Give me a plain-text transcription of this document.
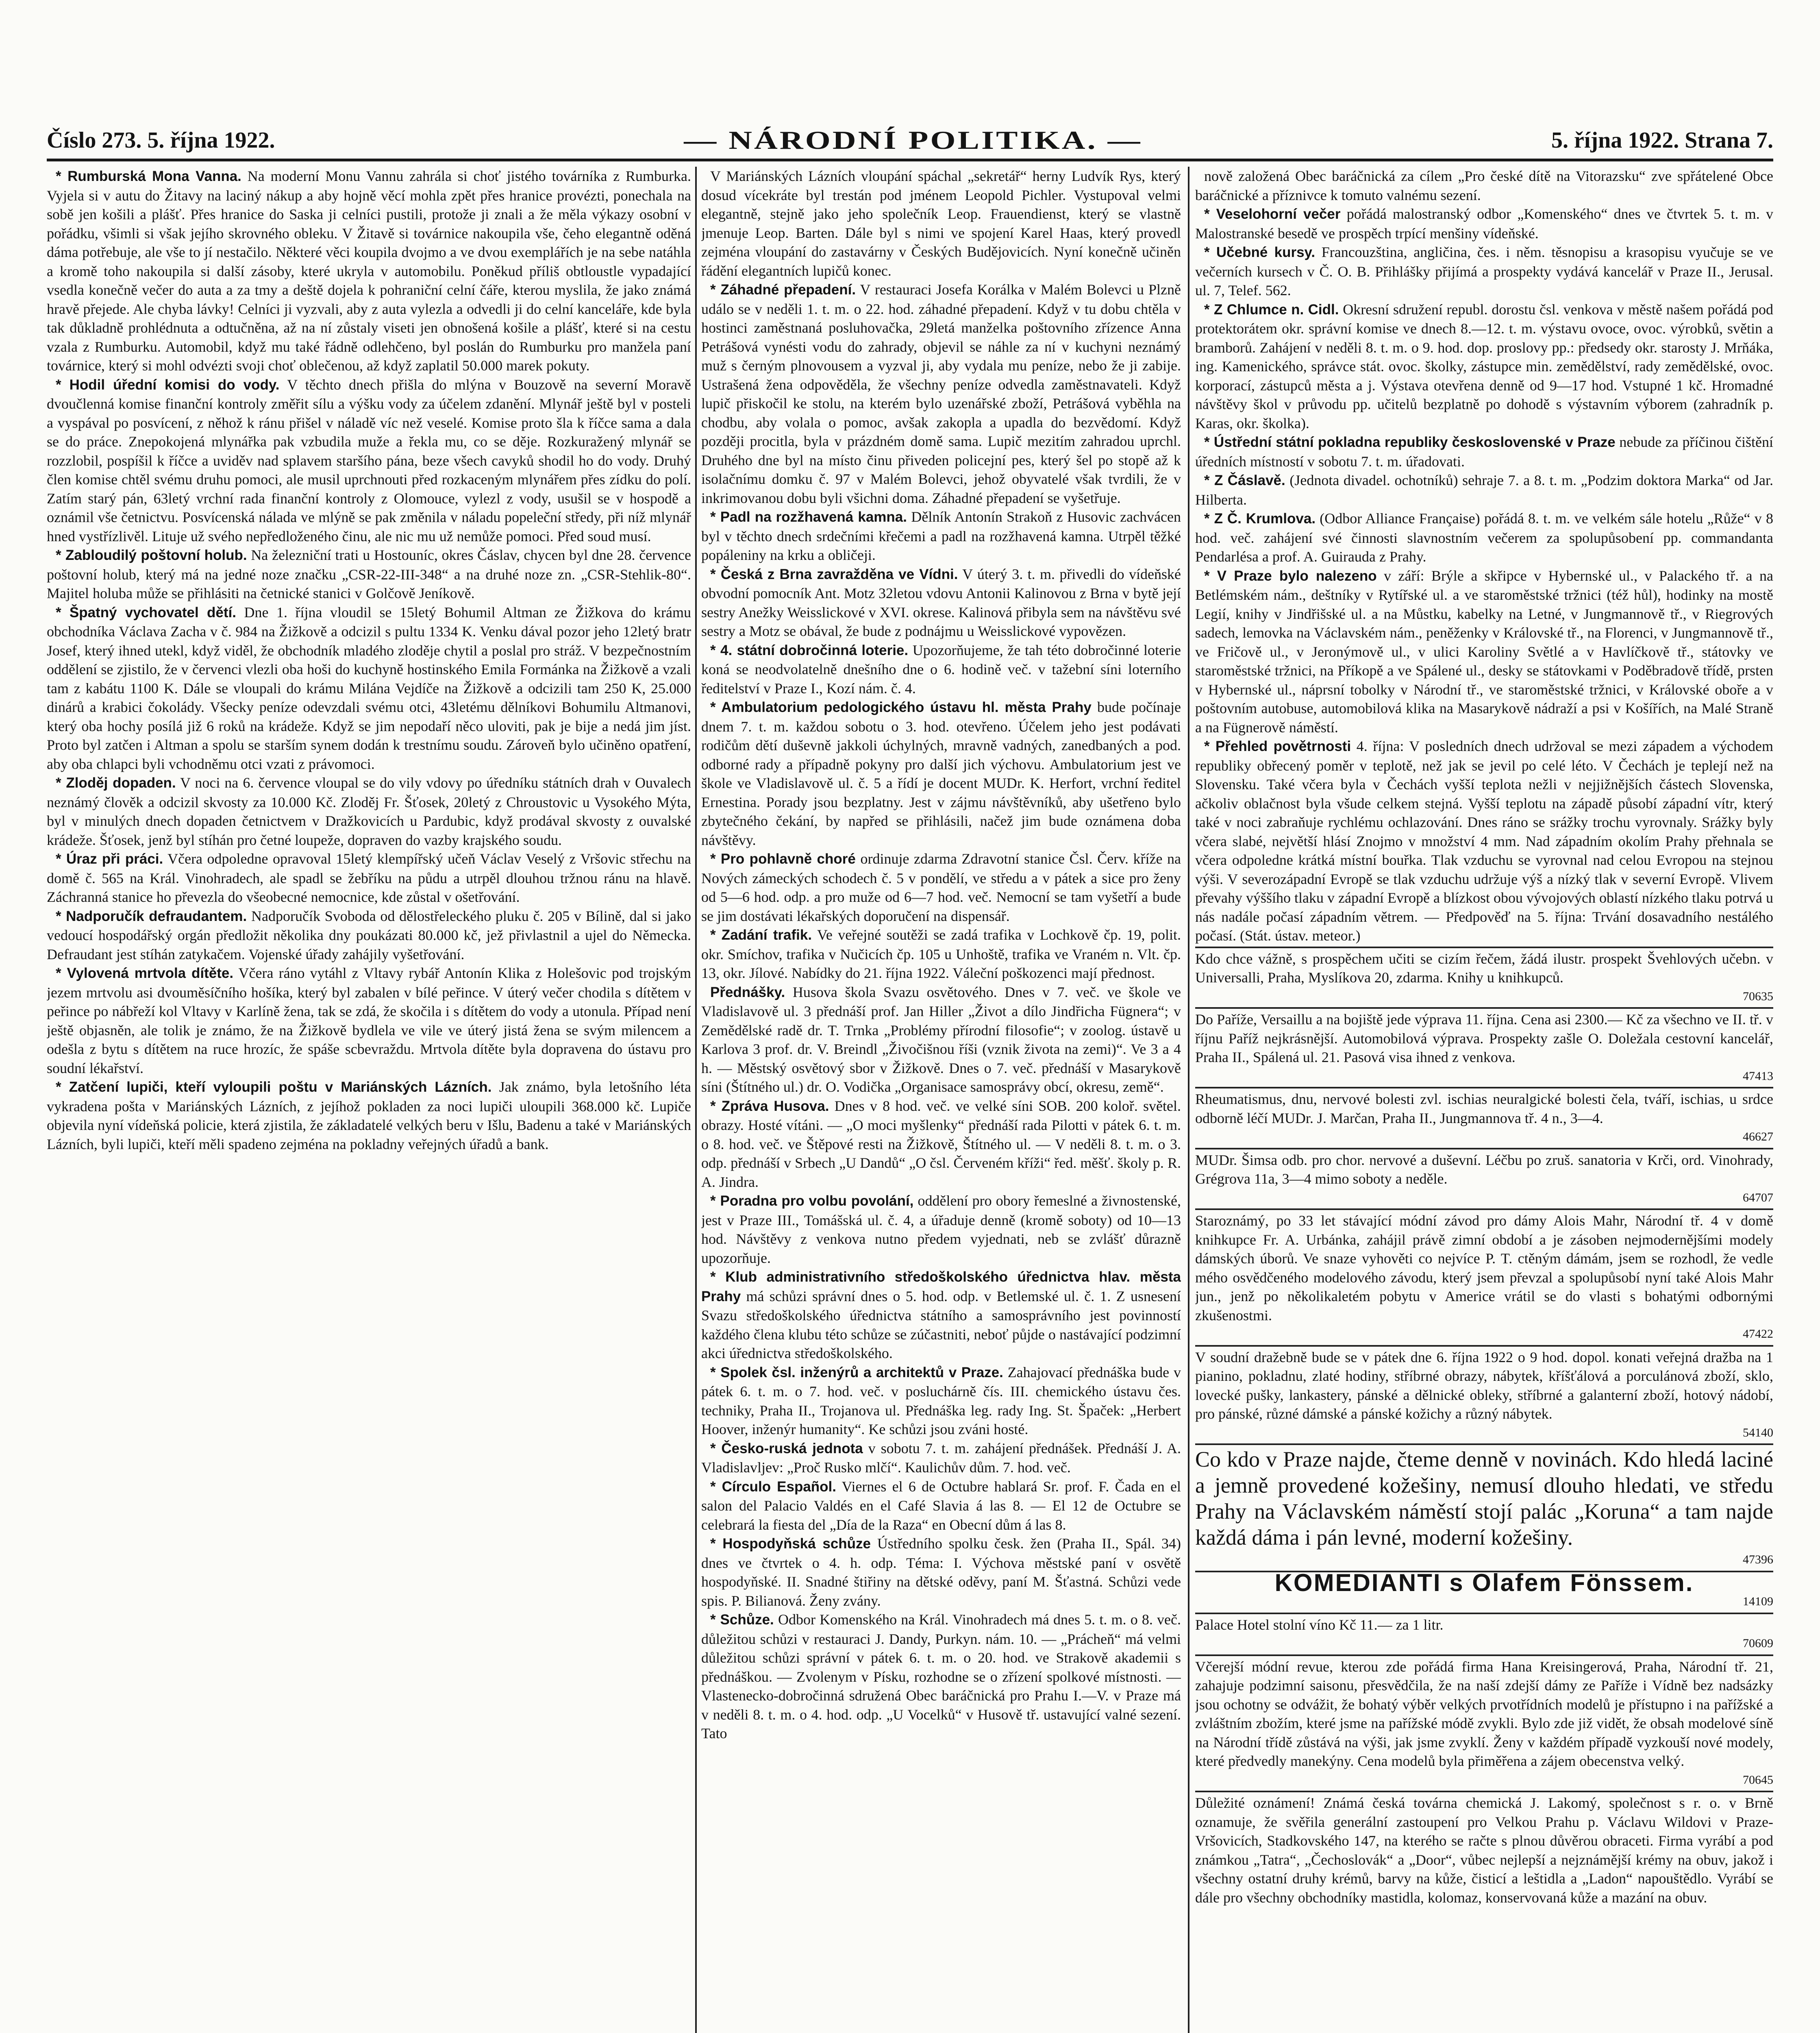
Číslo 273. 5. října 1922.	— NÁRODNÍ POLITIKA. —	5. října 1922. Strana 7.

* Rumburská Mona Vanna. Na moderní Monu Vannu zahrála si choť jistého továrníka z Rumburka. Vyjela si v autu do Žitavy na laciný nákup a aby hojně věcí mohla zpět přes hranice provézti, ponechala na sobě jen košili a plášť. Přes hranice do Saska ji celníci pustili, protože ji znali a že měla výkazy osobní v pořádku, všimli si však jejího skrovného obleku. V Žitavě si továrnice nakoupila vše, čeho elegantně oděná dáma potřebuje, ale vše to jí nestačilo. Některé věci koupila dvojmo a ve dvou exemplářích je na sebe natáhla a kromě toho nakoupila si další zásoby, které ukryla v automobilu. Poněkud příliš obtloustle vypadající vsedla konečně večer do auta a za tmy a deště dojela k pohraniční celní čáře, kterou myslila, že jako známá hravě přejede. Ale chyba lávky! Celníci ji vyzvali, aby z auta vylezla a odvedli ji do celní kanceláře, kde byla tak důkladně prohlédnuta a odtučněna, až na ní zůstaly viseti jen obnošená košile a plášť, které si na cestu vzala z Rumburku. Automobil, když mu také řádně odlehčeno, byl poslán do Rumburku pro manžela paní továrnice, který si mohl odvézti svoji choť oblečenou, až když zaplatil 50.000 marek pokuty.

* Hodil úřední komisi do vody. V těchto dnech přišla do mlýna v Bouzově na severní Moravě dvoučlenná komise finanční kontroly změřit sílu a výšku vody za účelem zdanění. Mlynář ještě byl v posteli a vyspával po posvícení, z něhož k ránu přišel v náladě víc než veselé. Komise proto šla k říčce sama a dala se do práce. Znepokojená mlynářka pak vzbudila muže a řekla mu, co se děje. Rozkuražený mlynář se rozzlobil, pospíšil k říčce a uviděv nad splavem staršího pána, beze všech cavyků shodil ho do vody. Druhý člen komise chtěl svému druhu pomoci, ale musil uprchnouti před rozkaceným mlynářem přes zídku do polí. Zatím starý pán, 63letý vrchní rada finanční kontroly z Olomouce, vylezl z vody, usušil se v hospodě a oznámil vše četnictvu. Posvícenská nálada ve mlýně se pak změnila v náladu popeleční středy, při níž mlynář hned vystřízlivěl. Lituje už svého nepředloženého činu, ale nic mu už nemůže pomoci. Před soud musí.

* Zabloudilý poštovní holub. Na železniční trati u Hostouníc, okres Čáslav, chycen byl dne 28. července poštovní holub, který má na jedné noze značku „CSR-22-III-348“ a na druhé noze zn. „CSR-Stehlik-80“. Majitel holuba může se přihlásiti na četnické stanici v Golčově Jeníkově.

* Špatný vychovatel dětí. Dne 1. října vloudil se 15letý Bohumil Altman ze Žižkova do krámu obchodníka Václava Zacha v č. 984 na Žižkově a odcizil s pultu 1334 K. Venku dával pozor jeho 12letý bratr Josef, který ihned utekl, když viděl, že obchodník mladého zloděje chytil a poslal pro stráž. V bezpečnostním oddělení se zjistilo, že v červenci vlezli oba hoši do kuchyně hostinského Emila Formánka na Žižkově a vzali tam z kabátu 1100 K. Dále se vloupali do krámu Milána Vejdíče na Žižkově a odcizili tam 250 K, 25.000 dinárů a krabici čokolády. Všecky peníze odevzdali svému otci, 43letému dělníkovi Bohumilu Altmanovi, který oba hochy posílá již 6 roků na krádeže. Když se jim nepodaří něco uloviti, pak je bije a nedá jim jíst. Proto byl zatčen i Altman a spolu se starším synem dodán k trestnímu soudu. Zároveň bylo učiněno opatření, aby oba chlapci byli vchodněmu otci vzati z právomoci.

* Zloděj dopaden. V noci na 6. července vloupal se do vily vdovy po úředníku státních drah v Ouvalech neznámý člověk a odcizil skvosty za 10.000 Kč. Zloděj Fr. Šťosek, 20letý z Chroustovic u Vysokého Mýta, byl v minulých dnech dopaden četnictvem v Dražkovicích u Pardubic, když prodával skvosty z ouvalské krádeže. Šťosek, jenž byl stíhán pro četné loupeže, dopraven do vazby krajského soudu.

* Úraz při práci. Včera odpoledne opravoval 15letý klempířský učeň Václav Veselý z Vršovic střechu na domě č. 565 na Král. Vinohradech, ale spadl se žebříku na půdu a utrpěl dlouhou tržnou ránu na hlavě. Záchranná stanice ho převezla do všeobecné nemocnice, kde zůstal v ošetřování.

* Nadporučík defraudantem. Nadporučík Svoboda od dělostřeleckého pluku č. 205 v Bílině, dal si jako vedoucí hospodářský orgán předložit několika dny poukázati 80.000 kč, jež přivlastnil a ujel do Německa. Defraudant jest stíhán zatykačem. Vojenské úřady zahájily vyšetřování.

* Vylovená mrtvola dítěte. Včera ráno vytáhl z Vltavy rybář Antonín Klika z Holešovic pod trojským jezem mrtvolu asi dvouměsíčního hošíka, který byl zabalen v bílé peřince. V úterý večer chodila s dítětem v peřince po nábřeží kol Vltavy v Karlíně žena, tak se zdá, že skočila i s dítětem do vody a utonula. Případ není ještě objasněn, ale tolik je známo, že na Žižkově bydlela ve vile ve úterý jistá žena se svým milencem a odešla z bytu s dítětem na ruce hrozíc, že spáše scbevraždu. Mrtvola dítěte byla dopravena do ústavu pro soudní lékařství.

* Zatčení lupiči, kteří vyloupili poštu v Mariánských Lázních. Jak známo, byla letošního léta vykradena pošta v Mariánských Lázních, z jejíhož pokladen za noci lupiči uloupili 368.000 kč. Lupiče objevila nyní vídeňská policie, která zjistila, že základatelé velkých beru v Išlu, Badenu a také v Mariánských Lázních, byli lupiči, kteří měli spadeno zejména na pokladny veřejných úřadů a bank.

V Mariánských Lázních vloupání spáchal „sekretář“ herny Ludvík Rys, který dosud vícekráte byl trestán pod jménem Leopold Pichler. Vystupoval velmi elegantně, stejně jako jeho společník Leop. Frauendienst, který se vlastně jmenuje Leop. Barten. Dále byl s nimi ve spojení Karel Haas, který provedl zejména vloupání do zastavárny v Českých Budějovicích. Nyní konečně učiněn řádění elegantních lupičů konec.

* Záhadné přepadení. V restauraci Josefa Korálka v Malém Bolevci u Plzně událo se v neděli 1. t. m. o 22. hod. záhadné přepadení. Když v tu dobu chtěla v hostinci zaměstnaná posluhovačka, 29letá manželka poštovního zřízence Anna Petrášová vynésti vodu do zahrady, objevil se náhle za ní v kuchyni neznámý muž s černým plnovousem a vyzval ji, aby vydala mu peníze, nebo že ji zabije. Ustrašená žena odpověděla, že všechny peníze odvedla zaměstnavateli. Když lupič přiskočil ke stolu, na kterém bylo uzenářské zboží, Petrášová vyběhla na chodbu, aby volala o pomoc, avšak zakopla a upadla do bezvědomí. Když později procitla, byla v prázdném domě sama. Lupič mezitím zahradou uprchl. Druhého dne byl na místo činu přiveden policejní pes, který šel po stopě až k isolačnímu domku č. 97 v Malém Bolevci, jehož obyvatelé však tvrdili, že v inkrimovanou dobu byli všichni doma. Záhadné přepadení se vyšetřuje.

* Padl na rozžhavená kamna. Dělník Antonín Strakoň z Husovic zachvácen byl v těchto dnech srdečními křečemi a padl na rozžhavená kamna. Utrpěl těžké popáleniny na krku a obličeji.

* Česká z Brna zavražděna ve Vídni. V úterý 3. t. m. přivedli do vídeňské obvodní pomocník Ant. Motz 32letou vdovu Antonii Kalinovou z Brna v bytě její sestry Anežky Weisslickové v XVI. okrese. Kalinová přibyla sem na návštěvu své sestry a Motz se obával, že bude z podnájmu u Weisslickové vypovězen.

* 4. státní dobročinná loterie. Upozorňujeme, že tah této dobročinné loterie koná se neodvolatelně dnešního dne o 6. hodině več. v tažební síni loterního ředitelství v Praze I., Kozí nám. č. 4.

* Ambulatorium pedologického ústavu hl. města Prahy bude počínaje dnem 7. t. m. každou sobotu o 3. hod. otevřeno. Účelem jeho jest podávati rodičům dětí duševně jakkoli úchylných, mravně vadných, zanedbaných a pod. odborné rady a případně pokyny pro další jich výchovu. Ambulatorium jest ve škole ve Vladislavově ul. č. 5 a řídí je docent MUDr. K. Herfort, vrchní ředitel Ernestina. Porady jsou bezplatny. Jest v zájmu návštěvníků, aby ušetřeno bylo zbytečného čekání, by napřed se přihlásili, načež jim bude oznámena doba návštěvy.

* Pro pohlavně choré ordinuje zdarma Zdravotní stanice Čsl. Červ. kříže na Nových zámeckých schodech č. 5 v pondělí, ve středu a v pátek a sice pro ženy od 5—6 hod. odp. a pro muže od 6—7 hod. več. Nemocní se tam vyšetří a bude se jim dostávati lékařských doporučení na dispensář.

* Zadání trafik. Ve veřejné soutěži se zadá trafika v Lochkově čp. 19, polit. okr. Smíchov, trafika v Nučicích čp. 105 u Unhoště, trafika ve Vraném n. Vlt. čp. 13, okr. Jílové. Nabídky do 21. října 1922. Váleční poškozenci mají přednost.

Přednášky. Husova škola Svazu osvětového. Dnes v 7. več. ve škole ve Vladislavově ul. 3 přednáší prof. Jan Hiller „Život a dílo Jindřicha Fügnera“; v Zemědělské radě dr. T. Trnka „Problémy přírodní filosofie“; v zoolog. ústavě u Karlova 3 prof. dr. V. Breindl „Živočišnou říši (vznik života na zemi)“. Ve 3 a 4 h. — Městský osvětový sbor v Žižkově. Dnes o 7. več. přednáší v Masarykově síni (Štítného ul.) dr. O. Vodička „Organisace samosprávy obcí, okresu, země“.

* Zpráva Husova. Dnes v 8 hod. več. ve velké síni SOB. 200 koloř. světel. obrazy. Hosté vítáni. — „O moci myšlenky“ přednáší rada Pilotti v pátek 6. t. m. o 8. hod. več. ve Štěpové resti na Žižkově, Štítného ul. — V neděli 8. t. m. o 3. odp. přednáší v Srbech „U Dandů“ „O čsl. Červeném kříži“ řed. měšť. školy p. R. A. Jindra.

* Poradna pro volbu povolání, oddělení pro obory řemeslné a živnostenské, jest v Praze III., Tomášská ul. č. 4, a úřaduje denně (kromě soboty) od 10—13 hod. Návštěvy z venkova nutno předem vyjednati, neb se zvlášť důrazně upozorňuje.

* Klub administrativního středoškolského úřednictva hlav. města Prahy má schůzi správní dnes o 5. hod. odp. v Betlemské ul. č. 1. Z usnesení Svazu středoškolského úřednictva státního a samosprávního jest povinností každého člena klubu této schůze se zúčastniti, neboť půjde o nastávající podzimní akci úřednictva středoškolského.

* Spolek čsl. inženýrů a architektů v Praze. Zahajovací přednáška bude v pátek 6. t. m. o 7. hod. več. v posluchárně čís. III. chemického ústavu čes. techniky, Praha II., Trojanova ul. Přednáška leg. rady Ing. St. Špaček: „Herbert Hoover, inženýr humanity“. Ke schůzi jsou zváni hosté.

* Česko-ruská jednota v sobotu 7. t. m. zahájení přednášek. Přednáší J. A. Vladislavljev: „Proč Rusko mlčí“. Kaulichův dům. 7. hod. več.

* Círculo Español. Viernes el 6 de Octubre hablará Sr. prof. F. Čada en el salon del Palacio Valdés en el Café Slavia á las 8. — El 12 de Octubre se celebrará la fiesta del „Día de la Raza“ en Obecní dům á las 8.

* Hospodyňská schůze Ústředního spolku česk. žen (Praha II., Spál. 34) dnes ve čtvrtek o 4. h. odp. Téma: I. Výchova městské paní v osvětě hospodyňské. II. Snadné štiřiny na dětské oděvy, paní M. Šťastná. Schůzi vede spis. P. Bilianová. Ženy zvány.

* Schůze. Odbor Komenského na Král. Vinohradech má dnes 5. t. m. o 8. več. důležitou schůzi v restauraci J. Dandy, Purkyn. nám. 10. — „Prácheň“ má velmi důležitou schůzi správní v pátek 6. t. m. o 20. hod. ve Strakově akademii s přednáškou. — Zvolenym v Písku, rozhodne se o zřízení spolkové místnosti. — Vlastenecko-dobročinná sdružená Obec baráčnická pro Prahu I.—V. v Praze má v neděli 8. t. m. o 4. hod. odp. „U Vocelků“ v Husově tř. ustavující valné sezení. Tato

nově založená Obec baráčnická za cílem „Pro české dítě na Vitorazsku“ zve spřátelené Obce baráčnické a příznivce k tomuto valnému sezení.

* Veselohorní večer pořádá malostranský odbor „Komenského“ dnes ve čtvrtek 5. t. m. v Malostranské besedě ve prospěch trpící menšiny vídeňské.

* Učebné kursy. Francouzština, angličina, čes. i něm. těsnopisu a krasopisu vyučuje se ve večerních kursech v Č. O. B. Přihlášky přijímá a prospekty vydává kancelář v Praze II., Jerusal. ul. 7, Telef. 562.

* Z Chlumce n. Cidl. Okresní sdružení republ. dorostu čsl. venkova v městě našem pořádá pod protektorátem okr. správní komise ve dnech 8.—12. t. m. výstavu ovoce, ovoc. výrobků, světin a bramborů. Zahájení v neděli 8. t. m. o 9. hod. dop. proslovy pp.: předsedy okr. starosty J. Mrňáka, ing. Kamenického, správce stát. ovoc. školky, zástupce min. zemědělství, rady zemědělské, ovoc. korporací, zástupců města a j. Výstava otevřena denně od 9—17 hod. Vstupné 1 kč. Hromadné návštěvy škol v průvodu pp. učitelů bezplatně po dohodě s výstavním výborem (zahradník p. Karas, okr. školka).

* Ústřední státní pokladna republiky československé v Praze nebude za příčinou čištění úředních místností v sobotu 7. t. m. úřadovati.

* Z Čáslavě. (Jednota divadel. ochotníků) sehraje 7. a 8. t. m. „Podzim doktora Marka“ od Jar. Hilberta.

* Z Č. Krumlova. (Odbor Alliance Française) pořádá 8. t. m. ve velkém sále hotelu „Růže“ v 8 hod. več. zahájení své činnosti slavnostním večerem za spolupůsobení pp. commandanta Pendarlésa a prof. A. Guirauda z Prahy.

* V Praze bylo nalezeno v září: Brýle a skřipce v Hybernské ul., v Palackého tř. a na Betlémském nám., deštníky v Rytířské ul. a ve staroměstské tržnici (též hůl), hodinky na mostě Legií, knihy v Jindřišské ul. a na Můstku, kabelky na Letné, v Jungmannově tř., v Riegrových sadech, lemovka na Václavském nám., peněženky v Královské tř., na Florenci, v Jungmannově tř., ve Fričově ul., v Jeronýmově ul., v ulici Karoliny Světlé a v Havlíčkově tř., státovky ve staroměstské tržnici, na Příkopě a ve Spálené ul., desky se státovkami v Poděbradově třídě, prsten v Hybernské ul., náprsní tobolky v Národní tř., ve staroměstské tržnici, v Královské oboře a v poštovním autobuse, automobilová klika na Masarykově nádraží a psi v Košířích, na Malé Straně a na Fügnerově náměstí.

* Přehled povětrnosti 4. října: V posledních dnech udržoval se mezi západem a východem republiky obřecený poměr v teplotě, než jak se jevil po celé léto. V Čechách je teplejí než na Slovensku. Také včera byla v Čechách vyšší teplota nežli v nejjižnějších částech Slovenska, ačkoliv oblačnost byla všude celkem stejná. Vyšší teplotu na západě působí západní vítr, který také v noci zabraňuje rychlému ochlazování. Dnes ráno se srážky trochu vyrovnaly. Srážky byly včera slabé, největší hlásí Znojmo v množství 4 mm. Nad západním okolím Prahy přehnala se včera odpoledne krátká místní bouřka. Tlak vzduchu se vyrovnal nad celou Evropou na stejnou výši. V severozápadní Evropě se tlak vzduchu udržuje výš a nízký tlak v severní Evropě. Vlivem převahy výššího tlaku v západní Evropě a blízkost obou vývojových oblastí nízkého tlaku potrvá u nás nadále počasí západním větrem. — Předpověď na 5. října: Trvání dosavadního nestálého počasí. (Stát. ústav. meteor.)

Kdo chce vážně, s prospěchem učiti se cizím řečem, žádá ilustr. prospekt Švehlových učebn. v Universalli, Praha, Myslíkova 20, zdarma. Knihy u knihkupců.

70635

Do Paříže, Versaillu a na bojiště jede výprava 11. října. Cena asi 2300.— Kč za všechno ve II. tř. v říjnu Paříž nejkrásnější. Automobilová výprava. Prospekty zašle O. Doležala cestovní kancelář, Praha II., Spálená ul. 21. Pasová visa ihned z venkova.

47413

Rheumatismus, dnu, nervové bolesti zvl. ischias neuralgické bolesti čela, tváří, ischias, u srdce odborně léčí MUDr. J. Marčan, Praha II., Jungmannova tř. 4 n., 3—4.

46627

MUDr. Šimsa odb. pro chor. nervové a duševní. Léčbu po zruš. sanatoria v Krči, ord. Vinohrady, Grégrova 11a, 3—4 mimo soboty a neděle.

64707

Staroznámý, po 33 let stávající módní závod pro dámy Alois Mahr, Národní tř. 4 v domě knihkupce Fr. A. Urbánka, zahájil právě zimní období a je zásoben nejmodernějšími modely dámských úborů. Ve snaze vyhověti co nejvíce P. T. ctěným dámám, jsem se rozhodl, že vedle mého osvědčeného modelového závodu, který jsem převzal a spolupůsobí nyní také Alois Mahr jun., jenž po několikaletém pobytu v Americe vrátil se do vlasti s bohatými odbornými zkušenostmi.

47422

V soudní dražebně bude se v pátek dne 6. října 1922 o 9 hod. dopol. konati veřejná dražba na 1 pianino, pokladnu, zlaté hodiny, stříbrné obrazy, nábytek, kříšťálová a porculánová zboží, sklo, lovecké pušky, lankastery, pánské a dělnické obleky, stříbrné a galanterní zboží, hotový nádobí, pro pánské, různé dámské a pánské kožichy a různý nábytek.

54140

Co kdo v Praze najde, čteme denně v novinách. Kdo hledá laciné a jemně provedené kožešiny, nemusí dlouho hledati, ve středu Prahy na Václavském náměstí stojí palác „Koruna“ a tam najde každá dáma i pán levné, moderní kožešiny.

47396

KOMEDIANTI s Olafem Fönssem.

14109

Palace Hotel stolní víno Kč 11.— za 1 litr.

70609

Včerejší módní revue, kterou zde pořádá firma Hana Kreisingerová, Praha, Národní tř. 21, zahajuje podzimní saisonu, přesvědčila, že na naší zdejší dámy ze Paříže i Vídně bez nadsázky jsou ochotny se odvážit, že bohatý výběr velkých prvotřídních modelů je přístupno i na pařížské a zvláštním zbožím, které jsme na pařížské módě zvykli. Bylo zde již vidět, že obsah modelové síně na Národní třídě zůstává na výši, jak jsme zvyklí. Ženy v každém případě vyzkouší nové modely, které předvedly manekýny. Cena modelů byla přiměřena a zájem obecenstva velký.

70645

Důležité oznámení! Známá česká továrna chemická J. Lakomý, společnost s r. o. v Brně oznamuje, že svěřila generální zastoupení pro Velkou Prahu p. Václavu Wildovi v Praze-Vršovicích, Stadkovského 147, na kterého se račte s plnou důvěrou obraceti. Firma vyrábí a pod známkou „Tatra“, „Čechoslovák“ a „Door“, vůbec nejlepší a nejznámější krémy na obuv, jakož i všechny ostatní druhy krémů, barvy na kůže, čisticí a leštidla a „Ladon“ napouštědlo. Vyrábí se dále pro všechny obchodníky mastidla, kolomaz, konservovaná kůže a mazání na obuv.
